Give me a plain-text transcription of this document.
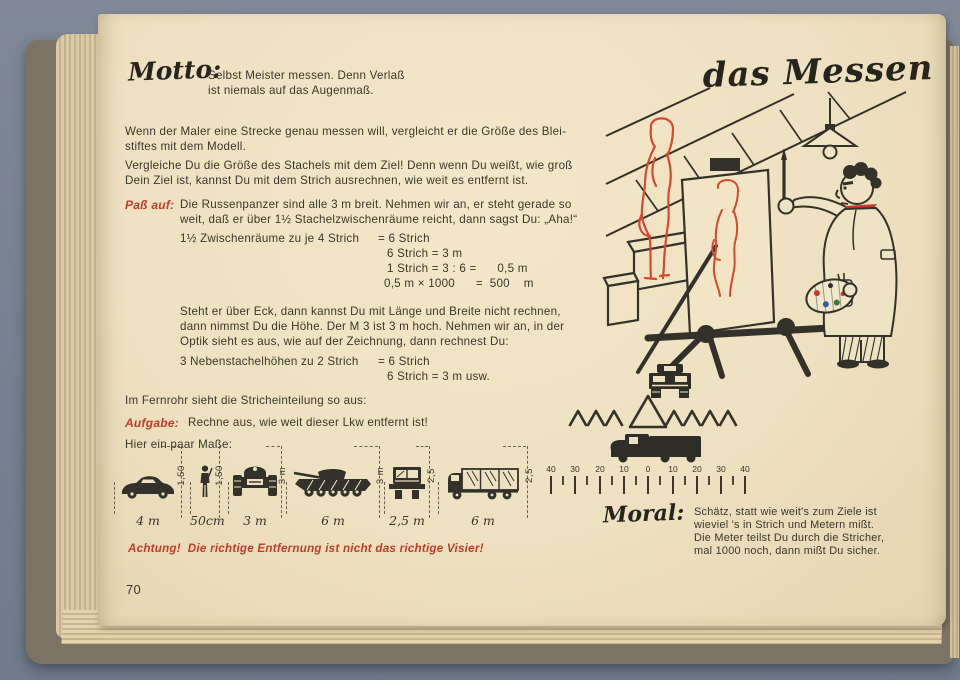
Motto:
Selbst Meister messen. Denn Verlaß
ist niemals auf das Augenmaß.	das Messen
Wenn der Maler eine Strecke genau messen will, vergleicht er die Größe des Blei-
stiftes mit dem Modell.
Vergleiche Du die Größe des Stachels mit dem Ziel! Denn wenn Du weißt, wie groß
Dein Ziel ist, kannst Du mit dem Strich ausrechnen, wie weit es entfernt ist.
Paß auf: Die Russenpanzer sind alle 3 m breit. Nehmen wir an, er steht gerade so
weit, daß er über 1½ Stachelzwischenräume reicht, dann sagst Du: „Aha!“
1½ Zwischenräume zu je 4 Strich = 6 Strich
6 Strich = 3 m
1 Strich = 3 : 6 =      0,5 m
0,5 m × 1000      =  500    m
Steht er über Eck, dann kannst Du mit Länge und Breite nicht rechnen,
dann nimmst Du die Höhe. Der M 3 ist 3 m hoch. Nehmen wir an, in der
Optik sieht es aus, wie auf der Zeichnung, dann rechnest Du:
3 Nebenstachelhöhen zu 2 Strich = 6 Strich
6 Strich = 3 m usw.
Im Fernrohr sieht die Stricheinteilung so aus:
Aufgabe: Rechne aus, wie weit dieser Lkw entfernt ist!
Hier ein paar Maße:
4 m
1,50
50cm
1,50
3 m
3 m
6 m
3 m
2,5 m
2,5
6 m
2,5
Achtung!  Die richtige Entfernung ist nicht das richtige Visier!
70
40 30 20 10 0 10 20 30 40
Moral: Schätz, statt wie weit's zum Ziele ist
wieviel 's in Strich und Metern mißt.
Die Meter teilst Du durch die Stricher,
mal 1000 noch, dann mißt Du sicher.
